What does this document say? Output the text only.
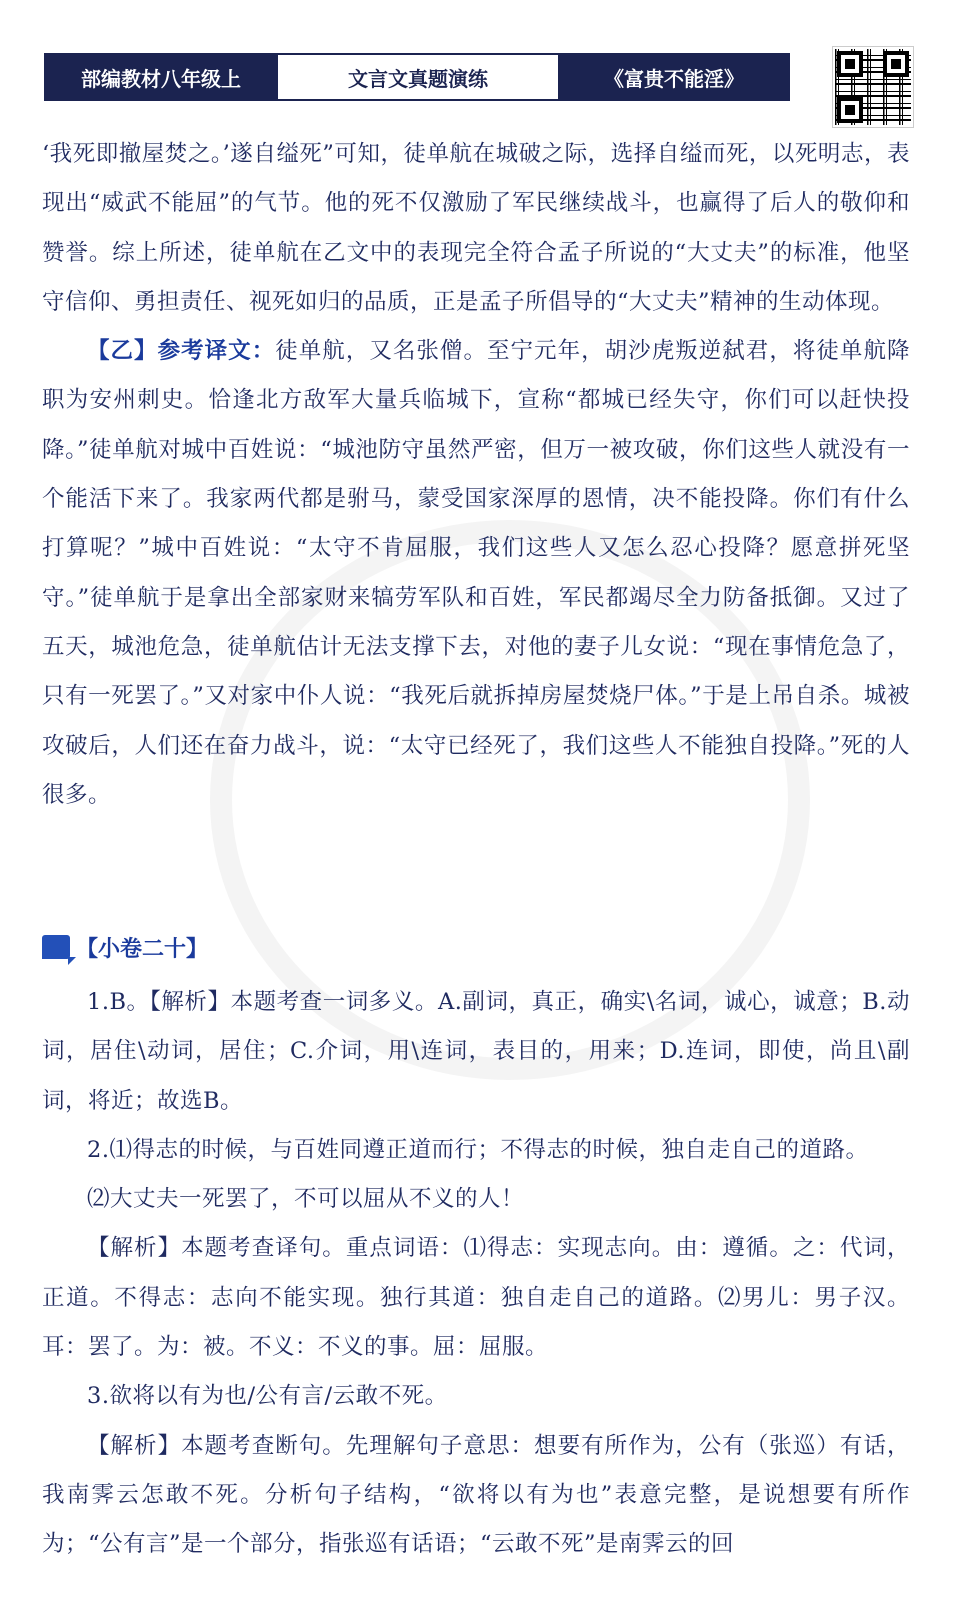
部编教材八年级上	文言文真题演练	《富贵不能淫》

‘我死即撤屋焚之。’遂自缢死”可知，徒单航在城破之际，选择自缢而死，以死明志，表现出“威武不能屈”的气节。他的死不仅激励了军民继续战斗，也赢得了后人的敬仰和赞誉。综上所述，徒单航在乙文中的表现完全符合孟子所说的“大丈夫”的标准，他坚守信仰、勇担责任、视死如归的品质，正是孟子所倡导的“大丈夫”精神的生动体现。

【乙】参考译文：徒单航，又名张僧。至宁元年，胡沙虎叛逆弑君，将徒单航降职为安州刺史。恰逢北方敌军大量兵临城下，宣称“都城已经失守，你们可以赶快投降。”徒单航对城中百姓说：“城池防守虽然严密，但万一被攻破，你们这些人就没有一个能活下来了。我家两代都是驸马，蒙受国家深厚的恩情，决不能投降。你们有什么打算呢？”城中百姓说：“太守不肯屈服，我们这些人又怎么忍心投降？愿意拼死坚守。”徒单航于是拿出全部家财来犒劳军队和百姓，军民都竭尽全力防备抵御。又过了五天，城池危急，徒单航估计无法支撑下去，对他的妻子儿女说：“现在事情危急了，只有一死罢了。”又对家中仆人说：“我死后就拆掉房屋焚烧尸体。”于是上吊自杀。城被攻破后，人们还在奋力战斗，说：“太守已经死了，我们这些人不能独自投降。”死的人很多。

【小卷二十】

1.B。【解析】本题考查一词多义。A.副词，真正，确实\名词，诚心，诚意；B.动词，居住\动词，居住；C.介词，用\连词，表目的，用来；D.连词，即使，尚且\副词，将近；故选B。

2.⑴得志的时候，与百姓同遵正道而行；不得志的时候，独自走自己的道路。

⑵大丈夫一死罢了，不可以屈从不义的人！

【解析】本题考查译句。重点词语：⑴得志：实现志向。由：遵循。之：代词，正道。不得志：志向不能实现。独行其道：独自走自己的道路。⑵男儿：男子汉。耳：罢了。为：被。不义：不义的事。屈：屈服。

3.欲将以有为也/公有言/云敢不死。

【解析】本题考查断句。先理解句子意思：想要有所作为，公有（张巡）有话，我南霁云怎敢不死。分析句子结构，“欲将以有为也”表意完整，是说想要有所作为；“公有言”是一个部分，指张巡有话语；“云敢不死”是南霁云的回
